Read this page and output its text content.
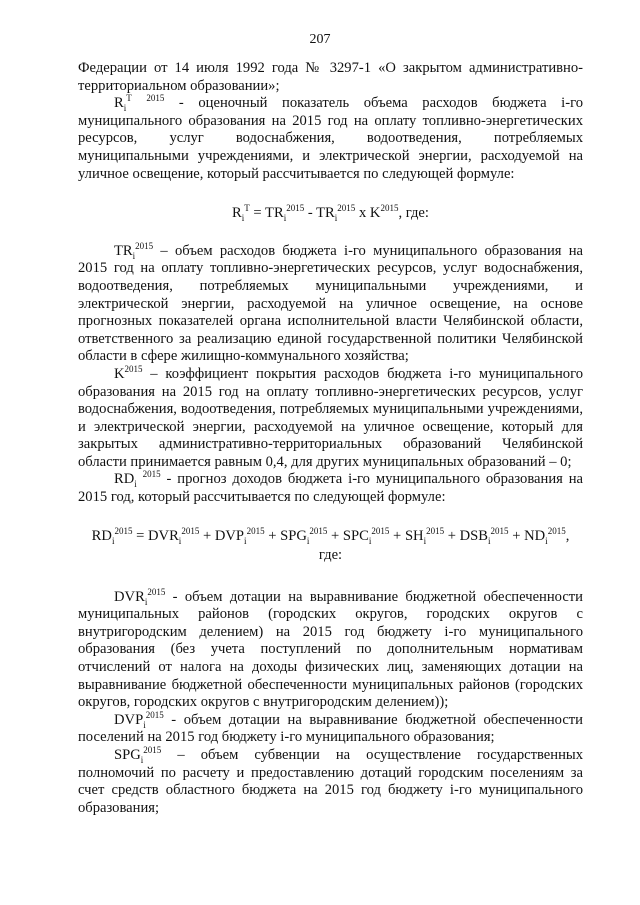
207

Федерации от 14 июля 1992 года № 3297-1 «О закрытом административно-территориальном образовании»;

$R_i^T$ $^{2015}$ - оценочный показатель объема расходов бюджета i-го муниципального образования на 2015 год на оплату топливно-энергетических ресурсов, услуг водоснабжения, водоотведения, потребляемых муниципальными учреждениями, и электрической энергии, расходуемой на уличное освещение, который рассчитывается по следующей формуле:

$R_i^T = TR_i^{2015} - TR_i^{2015}$ x $K^{2015}$, где:

$TR_i^{2015}$ – объем расходов бюджета i-го муниципального образования на 2015 год на оплату топливно-энергетических ресурсов, услуг водоснабжения, водоотведения, потребляемых муниципальными учреждениями, и электрической энергии, расходуемой на уличное освещение, на основе прогнозных показателей органа исполнительной власти Челябинской области, ответственного за реализацию единой государственной политики Челябинской области в сфере жилищно-коммунального хозяйства;

$K^{2015}$ – коэффициент покрытия расходов бюджета i-го муниципального образования на 2015 год на оплату топливно-энергетических ресурсов, услуг водоснабжения, водоотведения, потребляемых муниципальными учреждениями, и электрической энергии, расходуемой на уличное освещение, который для закрытых административно-территориальных образований Челябинской области принимается равным 0,4, для других муниципальных образований – 0;

$RD_i$ $^{2015}$ - прогноз доходов бюджета i-го муниципального образования на 2015 год, который рассчитывается по следующей формуле:

$RD_i^{2015} = DVR_i^{2015} + DVP_i^{2015} + SPG_i^{2015} + SPC_i^{2015} + SH_i^{2015} + DSB_i^{2015} + ND_i^{2015}$,
где:

$DVR_i^{2015}$ - объем дотации на выравнивание бюджетной обеспеченности муниципальных районов (городских округов, городских округов с внутригородским делением) на 2015 год бюджету i-го муниципального образования (без учета поступлений по дополнительным нормативам отчислений от налога на доходы физических лиц, заменяющих дотации на выравнивание бюджетной обеспеченности муниципальных районов (городских округов, городских округов с внутригородским делением));

$DVP_i^{2015}$ - объем дотации на выравнивание бюджетной обеспеченности поселений на 2015 год бюджету i-го муниципального образования;

$SPG_i^{2015}$ – объем субвенции на осуществление государственных полномочий по расчету и предоставлению дотаций городским поселениям за счет средств областного бюджета на 2015 год бюджету i-го муниципального образования;
